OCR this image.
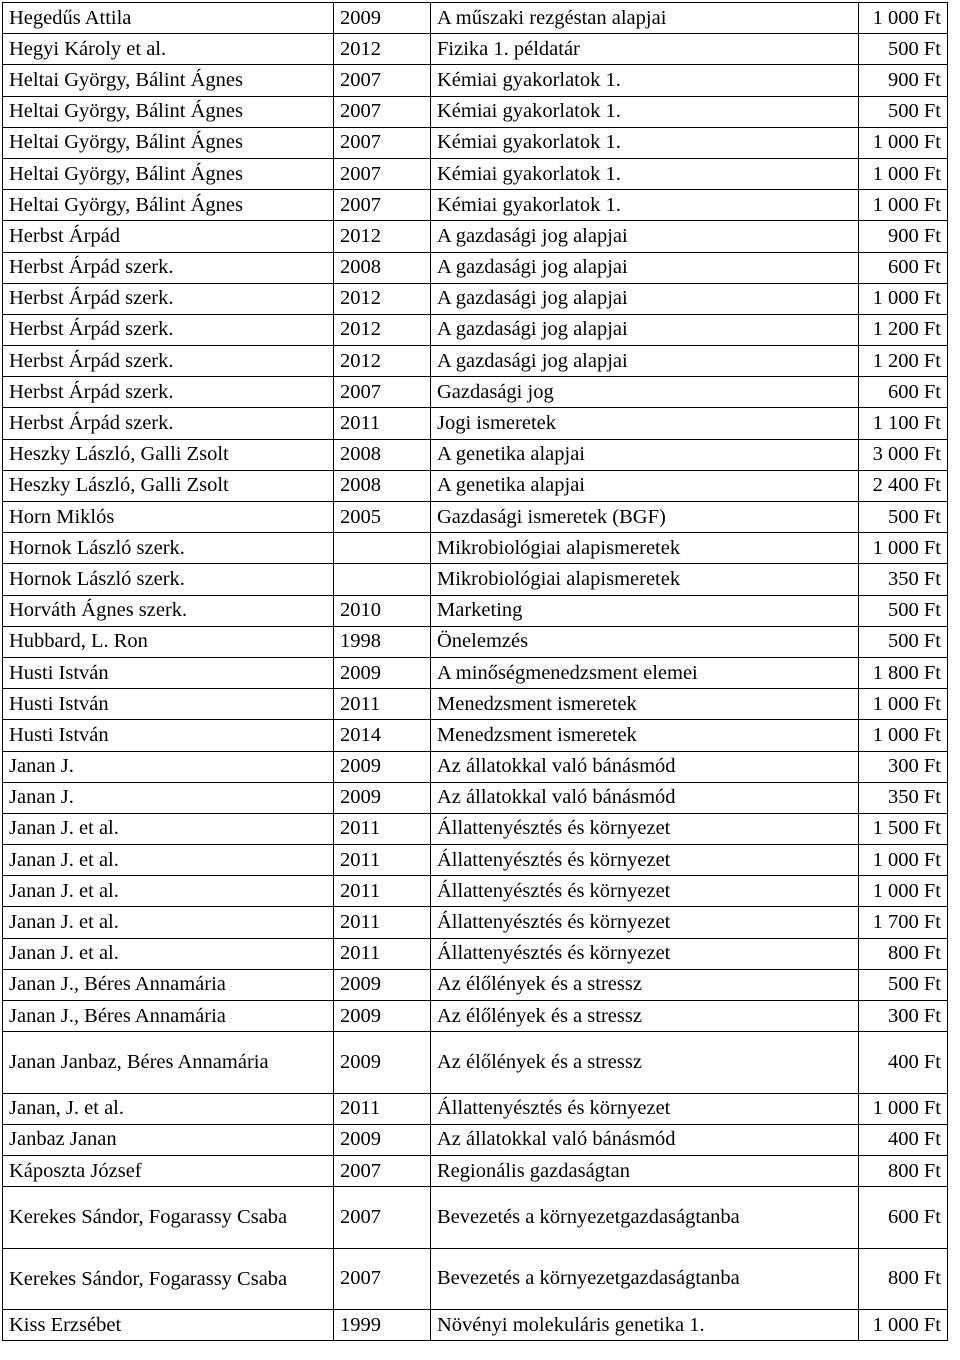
Hegedűs Attila	2009	A műszaki rezgéstan alapjai	1 000 Ft
Hegyi Károly et al.	2012	Fizika 1. példatár	500 Ft
Heltai György, Bálint Ágnes	2007	Kémiai gyakorlatok 1.	900 Ft
Heltai György, Bálint Ágnes	2007	Kémiai gyakorlatok 1.	500 Ft
Heltai György, Bálint Ágnes	2007	Kémiai gyakorlatok 1.	1 000 Ft
Heltai György, Bálint Ágnes	2007	Kémiai gyakorlatok 1.	1 000 Ft
Heltai György, Bálint Ágnes	2007	Kémiai gyakorlatok 1.	1 000 Ft
Herbst Árpád	2012	A gazdasági jog alapjai	900 Ft
Herbst Árpád szerk.	2008	A gazdasági jog alapjai	600 Ft
Herbst Árpád szerk.	2012	A gazdasági jog alapjai	1 000 Ft
Herbst Árpád szerk.	2012	A gazdasági jog alapjai	1 200 Ft
Herbst Árpád szerk.	2012	A gazdasági jog alapjai	1 200 Ft
Herbst Árpád szerk.	2007	Gazdasági jog	600 Ft
Herbst Árpád szerk.	2011	Jogi ismeretek	1 100 Ft
Heszky László, Galli Zsolt	2008	A genetika alapjai	3 000 Ft
Heszky László, Galli Zsolt	2008	A genetika alapjai	2 400 Ft
Horn Miklós	2005	Gazdasági ismeretek (BGF)	500 Ft
Hornok László szerk.		Mikrobiológiai alapismeretek	1 000 Ft
Hornok László szerk.		Mikrobiológiai alapismeretek	350 Ft
Horváth Ágnes szerk.	2010	Marketing	500 Ft
Hubbard, L. Ron	1998	Önelemzés	500 Ft
Husti István	2009	A minőségmenedzsment elemei	1 800 Ft
Husti István	2011	Menedzsment ismeretek	1 000 Ft
Husti István	2014	Menedzsment ismeretek	1 000 Ft
Janan J.	2009	Az állatokkal való bánásmód	300 Ft
Janan J.	2009	Az állatokkal való bánásmód	350 Ft
Janan J. et al.	2011	Állattenyésztés és környezet	1 500 Ft
Janan J. et al.	2011	Állattenyésztés és környezet	1 000 Ft
Janan J. et al.	2011	Állattenyésztés és környezet	1 000 Ft
Janan J. et al.	2011	Állattenyésztés és környezet	1 700 Ft
Janan J. et al.	2011	Állattenyésztés és környezet	800 Ft
Janan J., Béres Annamária	2009	Az élőlények és a stressz	500 Ft
Janan J., Béres Annamária	2009	Az élőlények és a stressz	300 Ft
Janan Janbaz, Béres Annamária	2009	Az élőlények és a stressz	400 Ft
Janan, J. et al.	2011	Állattenyésztés és környezet	1 000 Ft
Janbaz Janan	2009	Az állatokkal való bánásmód	400 Ft
Káposzta József	2007	Regionális gazdaságtan	800 Ft
Kerekes Sándor, Fogarassy Csaba	2007	Bevezetés a környezetgazdaságtanba	600 Ft
Kerekes Sándor, Fogarassy Csaba	2007	Bevezetés a környezetgazdaságtanba	800 Ft
Kiss Erzsébet	1999	Növényi molekuláris genetika 1.	1 000 Ft
